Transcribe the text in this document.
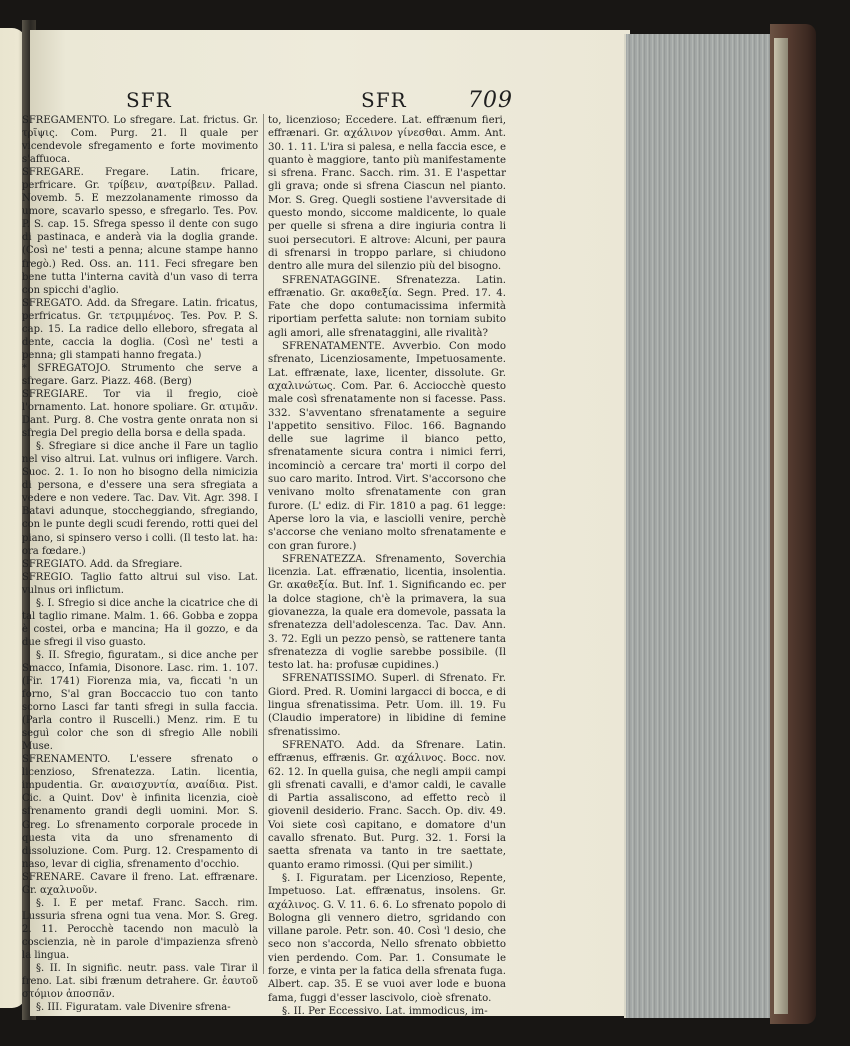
SFR	SFR	709

SFREGAMENTO. Lo sfregare. Lat. frictus. Gr. τρῖψις. Com. Purg. 21. Il quale per vicendevole sfregamento e forte movimento s'affuoca.

SFREGARE. Fregare. Latin. fricare, perfricare. Gr. τρίβειν, ανατρίβειν. Pallad. Novemb. 5. E mezzolanamente rimosso da umore, scavarlo spesso, e sfregarlo. Tes. Pov. P. S. cap. 15. Sfrega spesso il dente con sugo di pastinaca, e anderà via la doglia grande. (Così ne' testi a penna; alcune stampe hanno fregò.) Red. Oss. an. 111. Feci sfregare ben bene tutta l'interna cavità d'un vaso di terra con spicchi d'aglio.

SFREGATO. Add. da Sfregare. Latin. fricatus, perfricatus. Gr. τετριμμένος. Tes. Pov. P. S. cap. 15. La radice dello elleboro, sfregata al dente, caccia la doglia. (Così ne' testi a penna; gli stampati hanno fregata.)

* SFREGATOJO. Strumento che serve a sfregare. Garz. Piazz. 468. (Berg)

SFREGIARE. Tor via il fregio, cioè l'ornamento. Lat. honore spoliare. Gr. ατιμᾶν. Dant. Purg. 8. Che vostra gente onrata non si sfregia Del pregio della borsa e della spada.

§. Sfregiare si dice anche il Fare un taglio nel viso altrui. Lat. vulnus ori infligere. Varch. Suoc. 2. 1. Io non ho bisogno della nimicizia di persona, e d'essere una sera sfregiata a vedere e non vedere. Tac. Dav. Vit. Agr. 398. I Batavi adunque, stoccheggiando, sfregiando, con le punte degli scudi ferendo, rotti quei del piano, si spinsero verso i colli. (Il testo lat. ha: ora fœdare.)

SFREGIATO. Add. da Sfregiare.

SFREGIO. Taglio fatto altrui sul viso. Lat. vulnus ori inflictum.

§. I. Sfregio si dice anche la cicatrice che di tal taglio rimane. Malm. 1. 66. Gobba e zoppa è costei, orba e mancina; Ha il gozzo, e da due sfregi il viso guasto.

§. II. Sfregio, figuratam., si dice anche per Smacco, Infamia, Disonore. Lasc. rim. 1. 107. (Fir. 1741) Fiorenza mia, va, ficcati 'n un forno, S'al gran Boccaccio tuo con tanto scorno Lasci far tanti sfregi in sulla faccia. (Parla contro il Ruscelli.) Menz. rim. E tu seguì color che son di sfregio Alle nobili Muse.

SFRENAMENTO. L'essere sfrenato o licenzioso, Sfrenatezza. Latin. licentia, impudentia. Gr. αναισχυντία, αναίδια. Pist. Cic. a Quint. Dov' è infinita licenzia, cioè sfrenamento grandi degli uomini. Mor. S. Greg. Lo sfrenamento corporale procede in questa vita da uno sfrenamento di dissoluzione. Com. Purg. 12. Crespamento di naso, levar di ciglia, sfrenamento d'occhio.

SFRENARE. Cavare il freno. Lat. effrænare. Gr. αχαλινοῦν.

§. I. E per metaf. Franc. Sacch. rim. Lussuria sfrena ogni tua vena. Mor. S. Greg. 2. 11. Perocchè tacendo non maculò la coscienzia, nè in parole d'impazienza sfrenò la lingua.

§. II. In signific. neutr. pass. vale Tirar il freno. Lat. sibi frænum detrahere. Gr. ἑαυτοῦ στόμιον ἀποσπᾶν.

§. III. Figuratam. vale Divenire sfrena-

to, licenzioso; Eccedere. Lat. effrænum fieri, effrænari. Gr. αχάλινον γίνεσθαι. Amm. Ant. 30. 1. 11. L'ira si palesa, e nella faccia esce, e quanto è maggiore, tanto più manifestamente si sfrena. Franc. Sacch. rim. 31. E l'aspettar gli grava; onde si sfrena Ciascun nel pianto. Mor. S. Greg. Quegli sostiene l'avversitade di questo mondo, siccome maldicente, lo quale per quelle si sfrena a dire ingiuria contra li suoi persecutori. E altrove: Alcuni, per paura di sfrenarsi in troppo parlare, si chiudono dentro alle mura del silenzio più del bisogno.

SFRENATAGGINE. Sfrenatezza. Latin. effrænatio. Gr. ακαθεξία. Segn. Pred. 17. 4. Fate che dopo contumacissima infermità riportiam perfetta salute: non torniam subito agli amori, alle sfrenataggini, alle rivalità?

SFRENATAMENTE. Avverbio. Con modo sfrenato, Licenziosamente, Impetuosamente. Lat. effrænate, laxe, licenter, dissolute. Gr. αχαλινώτως. Com. Par. 6. Acciocchè questo male così sfrenatamente non si facesse. Pass. 332. S'avventano sfrenatamente a seguire l'appetito sensitivo. Filoc. 166. Bagnando delle sue lagrime il bianco petto, sfrenatamente sicura contra i nimici ferri, incominciò a cercare tra' morti il corpo del suo caro marito. Introd. Virt. S'accorsono che venivano molto sfrenatamente con gran furore. (L' ediz. di Fir. 1810 a pag. 61 legge: Aperse loro la via, e lasciolli venire, perchè s'accorse che veniano molto sfrenatamente e con gran furore.)

SFRENATEZZA. Sfrenamento, Soverchia licenzia. Lat. effrænatio, licentia, insolentia. Gr. ακαθεξία. But. Inf. 1. Significando ec. per la dolce stagione, ch'è la primavera, la sua giovanezza, la quale era domevole, passata la sfrenatezza dell'adolescenza. Tac. Dav. Ann. 3. 72. Egli un pezzo pensò, se rattenere tanta sfrenatezza di voglie sarebbe possibile. (Il testo lat. ha: profusæ cupidines.)

SFRENATISSIMO. Superl. di Sfrenato. Fr. Giord. Pred. R. Uomini largacci di bocca, e di lingua sfrenatissima. Petr. Uom. ill. 19. Fu (Claudio imperatore) in libidine di femine sfrenatissimo.

SFRENATO. Add. da Sfrenare. Latin. effrænus, effrænis. Gr. αχάλινος. Bocc. nov. 62. 12. In quella guisa, che negli ampii campi gli sfrenati cavalli, e d'amor caldi, le cavalle di Partia assaliscono, ad effetto recò il giovenil desiderio. Franc. Sacch. Op. div. 49. Voi siete così capitano, e domatore d'un cavallo sfrenato. But. Purg. 32. 1. Forsi la saetta sfrenata va tanto in tre saettate, quanto eramo rimossi. (Qui per similit.)

§. I. Figuratam. per Licenzioso, Repente, Impetuoso. Lat. effrænatus, insolens. Gr. αχάλινος. G. V. 11. 6. 6. Lo sfrenato popolo di Bologna gli vennero dietro, sgridando con villane parole. Petr. son. 40. Così 'l desio, che seco non s'accorda, Nello sfrenato obbietto vien perdendo. Com. Par. 1. Consumate le forze, e vinta per la fatica della sfrenata fuga. Albert. cap. 35. E se vuoi aver lode e buona fama, fuggi d'esser lascivolo, cioè sfrenato.

§. II. Per Eccessivo. Lat. immodicus, im-
